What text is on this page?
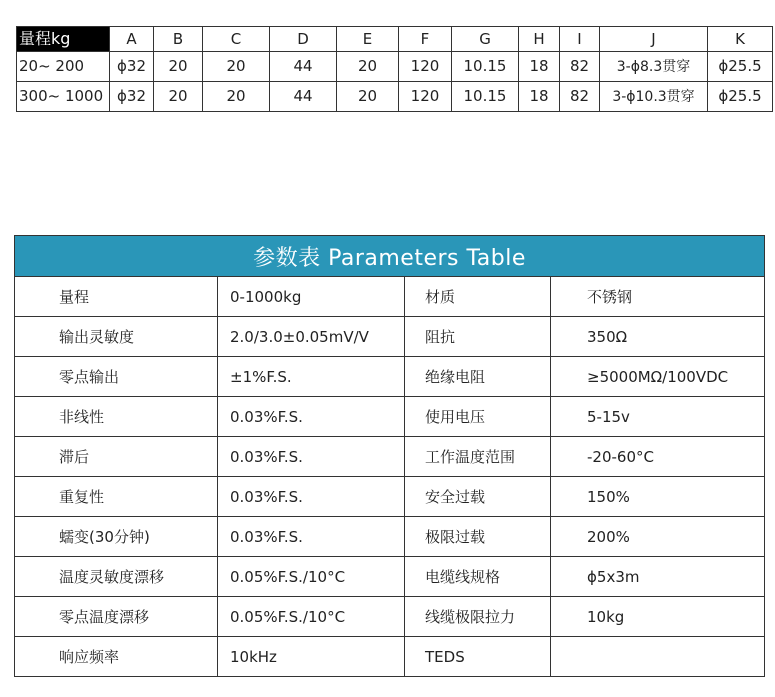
量程kg	A	B	C	D	E	F	G	H	I	J	K
20~ 200	ϕ32	20	20	44	20	120	10.15	18	82	3-ϕ8.3贯穿	ϕ25.5
300~ 1000	ϕ32	20	20	44	20	120	10.15	18	82	3-ϕ10.3贯穿	ϕ25.5
参数表 Parameters Table			
量程	0-1000kg	材质	不锈钢
输出灵敏度	2.0/3.0±0.05mV/V	阻抗	350Ω
零点输出	±1%F.S.	绝缘电阻	≥5000MΩ/100VDC
非线性	0.03%F.S.	使用电压	5-15v
滞后	0.03%F.S.	工作温度范围	-20-60°C
重复性	0.03%F.S.	安全过载	150%
蠕变(30分钟)	0.03%F.S.	极限过载	200%
温度灵敏度漂移	0.05%F.S./10°C	电缆线规格	ϕ5x3m
零点温度漂移	0.05%F.S./10°C	线缆极限拉力	10kg
响应频率	10kHz	TEDS	
